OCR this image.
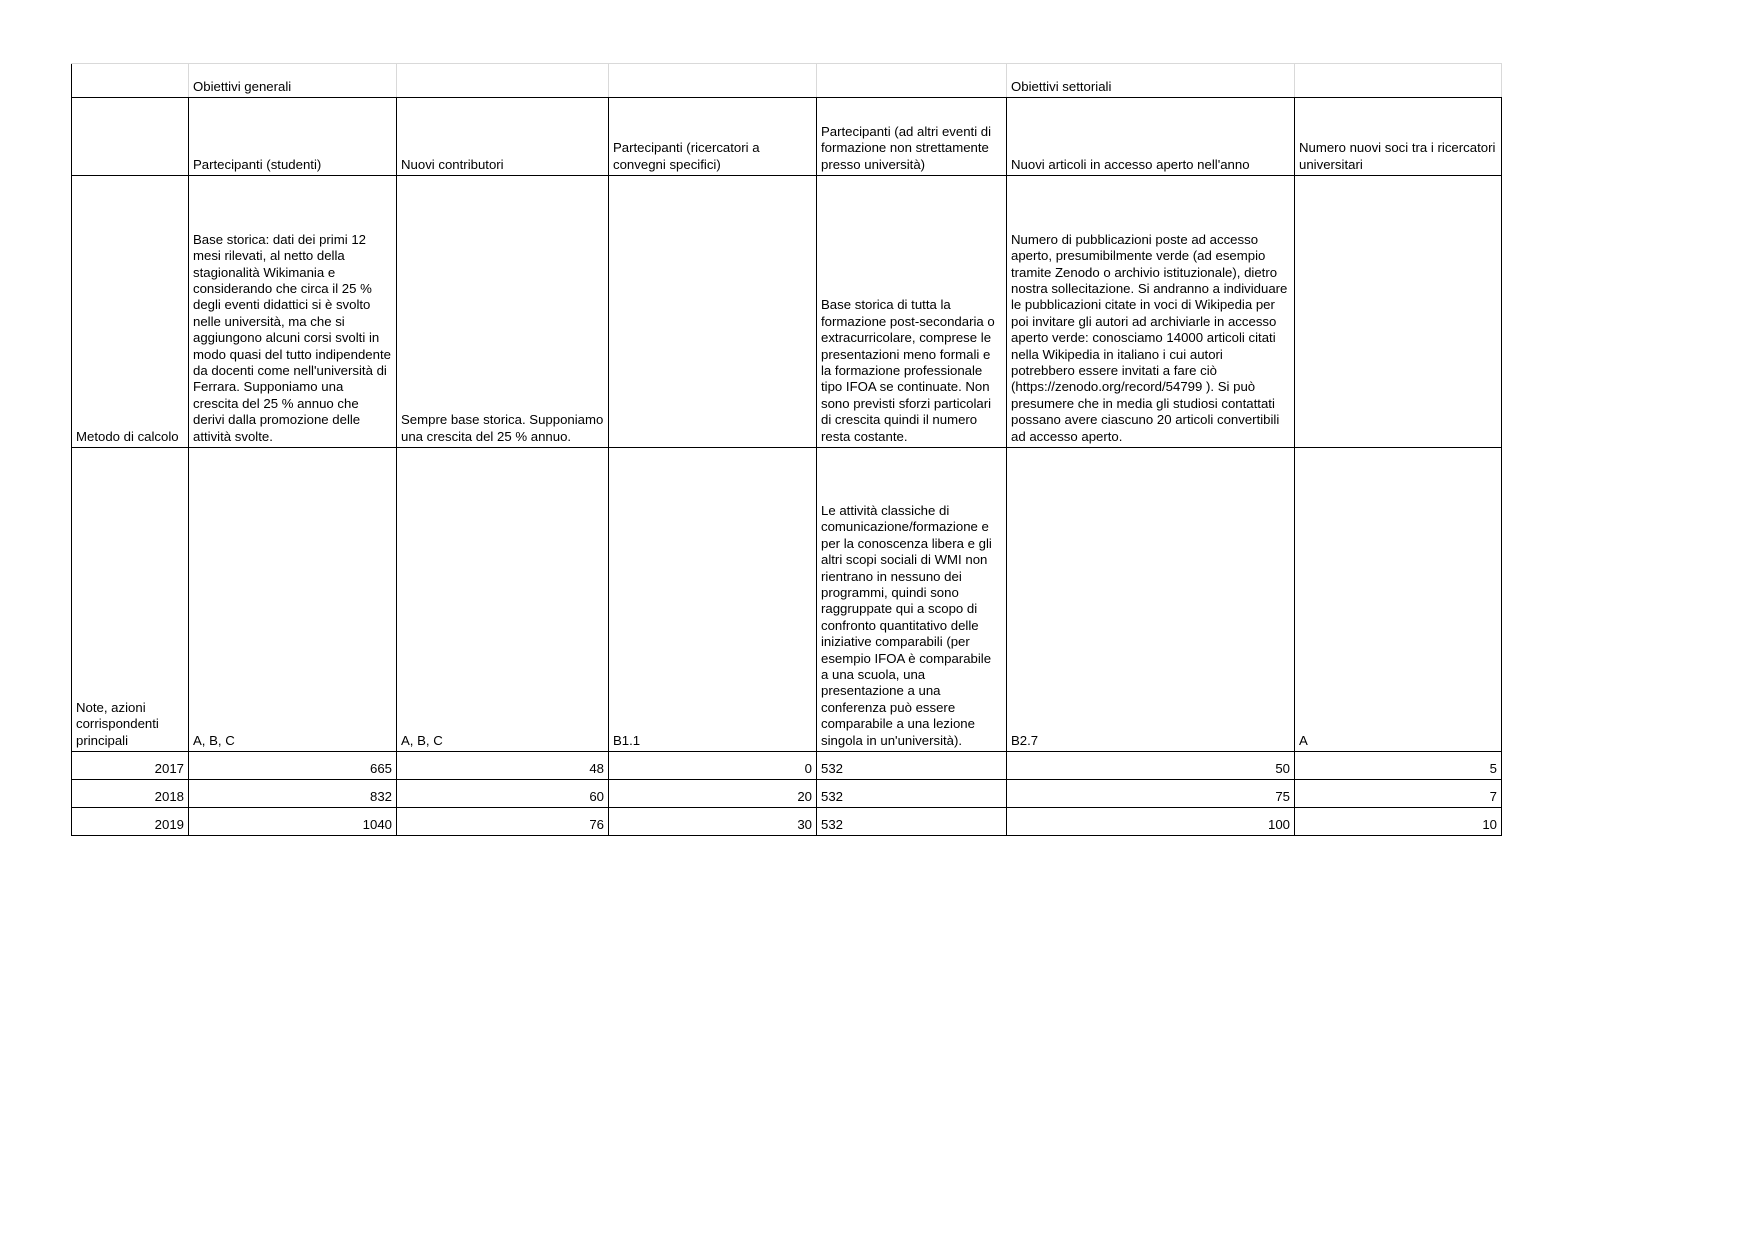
	Obiettivi generali				Obiettivi settoriali	
	Partecipanti (studenti)	Nuovi contributori	Partecipanti (ricercatori a convegni specifici)	Partecipanti (ad altri eventi di formazione non strettamente presso università)	Nuovi articoli in accesso aperto nell'anno	Numero nuovi soci tra i ricercatori universitari
Metodo di calcolo	Base storica: dati dei primi 12 mesi rilevati, al netto della stagionalità Wikimania e considerando che circa il 25 % degli eventi didattici si è svolto nelle università, ma che si aggiungono alcuni corsi svolti in modo quasi del tutto indipendente da docenti come nell'università di Ferrara. Supponiamo una crescita del 25 % annuo che derivi dalla promozione delle attività svolte.	Sempre base storica. Supponiamo una crescita del 25 % annuo.		Base storica di tutta la formazione post-secondaria o extracurricolare, comprese le presentazioni meno formali e la formazione professionale tipo IFOA se continuate. Non sono previsti sforzi particolari di crescita quindi il numero resta costante.	Numero di pubblicazioni poste ad accesso aperto, presumibilmente verde (ad esempio tramite Zenodo o archivio istituzionale), dietro nostra sollecitazione. Si andranno a individuare le pubblicazioni citate in voci di Wikipedia per poi invitare gli autori ad archiviarle in accesso aperto verde: conosciamo 14000 articoli citati nella Wikipedia in italiano i cui autori potrebbero essere invitati a fare ciò (https://zenodo.org/record/54799 ). Si può presumere che in media gli studiosi contattati possano avere ciascuno 20 articoli convertibili ad accesso aperto.	
Note, azioni corrispondenti principali	A, B, C	A, B, C	B1.1	Le attività classiche di comunicazione/formazione e per la conoscenza libera e gli altri scopi sociali di WMI non rientrano in nessuno dei programmi, quindi sono raggruppate qui a scopo di confronto quantitativo delle iniziative comparabili (per esempio IFOA è comparabile a una scuola, una presentazione a una conferenza può essere comparabile a una lezione singola in un'università).	B2.7	A
2017	665	48	0	532	50	5
2018	832	60	20	532	75	7
2019	1040	76	30	532	100	10
